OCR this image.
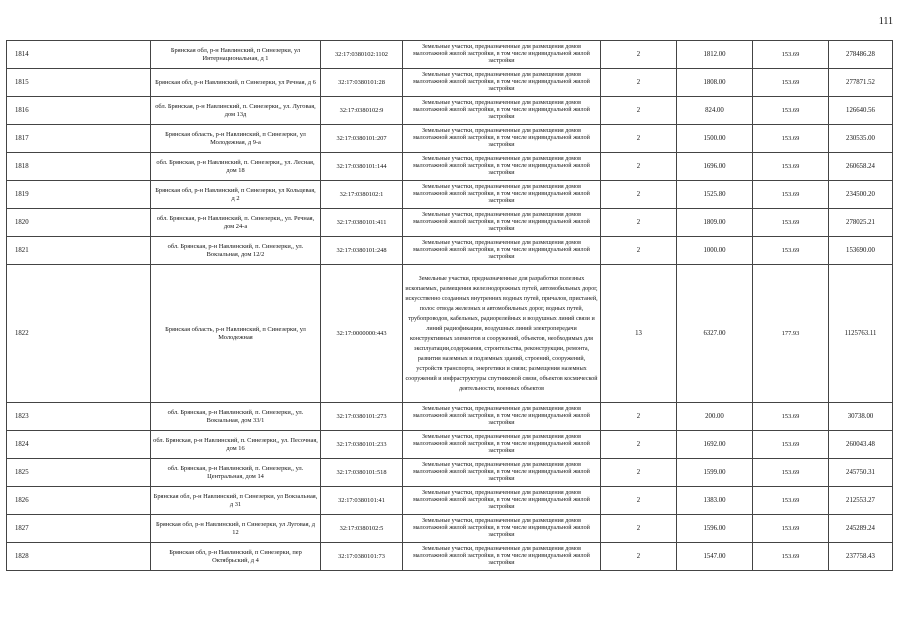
111
1814	Брянская обл, р-н Навлинский, п Синезерки, ул Интернациональная, д 1	32:17:0380102:1102	Земельные участки, предназначенные для размещения домов малоэтажной жилой застройки, в том числе индивидуальной жилой застройки	2	1812.00	153.69	278486.28
1815	Брянская обл, р-н Навлинский, п Синезерки, ул Речная, д 6	32:17:0380101:28	Земельные участки, предназначенные для размещения домов малоэтажной жилой застройки, в том числе индивидуальной жилой застройки	2	1808.00	153.69	277871.52
1816	обл. Брянская, р-н Навлинский, п. Синезерки,, ул. Луговая, дом 13д	32:17:0380102:9	Земельные участки, предназначенные для размещения домов малоэтажной жилой застройки, в том числе индивидуальной жилой застройки	2	824.00	153.69	126640.56
1817	Брянская область, р-н Навлинский, п Синезерки, ул Молодежная, д 9-а	32:17:0380101:207	Земельные участки, предназначенные для размещения домов малоэтажной жилой застройки, в том числе индивидуальной жилой застройки	2	1500.00	153.69	230535.00
1818	обл. Брянская, р-н Навлинский, п. Синезерки,, ул. Лесная, дом 18	32:17:0380101:144	Земельные участки, предназначенные для размещения домов малоэтажной жилой застройки, в том числе индивидуальной жилой застройки	2	1696.00	153.69	260658.24
1819	Брянская обл, р-н Навлинский, п Синезерки, ул Кольцевая, д 2	32:17:0380102:1	Земельные участки, предназначенные для размещения домов малоэтажной жилой застройки, в том числе индивидуальной жилой застройки	2	1525.80	153.69	234500.20
1820	обл. Брянская, р-н Навлинский, п. Синезерки,, ул. Речная, дом 24-а	32:17:0380101:411	Земельные участки, предназначенные для размещения домов малоэтажной жилой застройки, в том числе индивидуальной жилой застройки	2	1809.00	153.69	278025.21
1821	обл. Брянская, р-н Навлинский, п. Синезерки,, ул. Вокзальная, дом 12/2	32:17:0380101:248	Земельные участки, предназначенные для размещения домов малоэтажной жилой застройки, в том числе индивидуальной жилой застройки	2	1000.00	153.69	153690.00
1822	Брянская область, р-н Навлинский, п Синезерки, ул Молодежная	32:17:0000000:443	Земельные участки, предназначенные для разработки полезных ископаемых, размещения железнодорожных путей, автомобильных дорог, искусственно созданных внутренних водных путей, причалов, пристаней, полос отвода железных и автомобильных дорог, водных путей, трубопроводов, кабельных, радиорелейных и воздушных линий связи и линий радиофикации, воздушных линий электропередачи конструктивных элементов и сооружений, объектов, необходимых для эксплуатации,содержания, строительства, реконструкции, ремонта, развития наземных и подземных зданий, строений, сооружений, устройств транспорта, энергетики и связи; размещения наземных сооружений и инфраструктуры спутниковой связи, объектов космической деятельности, военных объектов	13	6327.00	177.93	1125763.11
1823	обл. Брянская, р-н Навлинский, п. Синезерки,, ул. Вокзальная, дом 33/1	32:17:0380101:273	Земельные участки, предназначенные для размещения домов малоэтажной жилой застройки, в том числе индивидуальной жилой застройки	2	200.00	153.69	30738.00
1824	обл. Брянская, р-н Навлинский, п. Синезерки,, ул. Песочная, дом 16	32:17:0380101:233	Земельные участки, предназначенные для размещения домов малоэтажной жилой застройки, в том числе индивидуальной жилой застройки	2	1692.00	153.69	260043.48
1825	обл. Брянская, р-н Навлинский, п. Синезерки,, ул. Центральная, дом 14	32:17:0380101:518	Земельные участки, предназначенные для размещения домов малоэтажной жилой застройки, в том числе индивидуальной жилой застройки	2	1599.00	153.69	245750.31
1826	Брянская обл, р-н Навлинский, п Синезерки, ул Вокзальная, д 31	32:17:0380101:41	Земельные участки, предназначенные для размещения домов малоэтажной жилой застройки, в том числе индивидуальной жилой застройки	2	1383.00	153.69	212553.27
1827	Брянская обл, р-н Навлинский, п Синезерки, ул Луговая, д 12	32:17:0380102:5	Земельные участки, предназначенные для размещения домов малоэтажной жилой застройки, в том числе индивидуальной жилой застройки	2	1596.00	153.69	245289.24
1828	Брянская обл, р-н Навлинский, п Синезерки, пер Октябрьский, д 4	32:17:0380101:73	Земельные участки, предназначенные для размещения домов малоэтажной жилой застройки, в том числе индивидуальной жилой застройки	2	1547.00	153.69	237758.43
